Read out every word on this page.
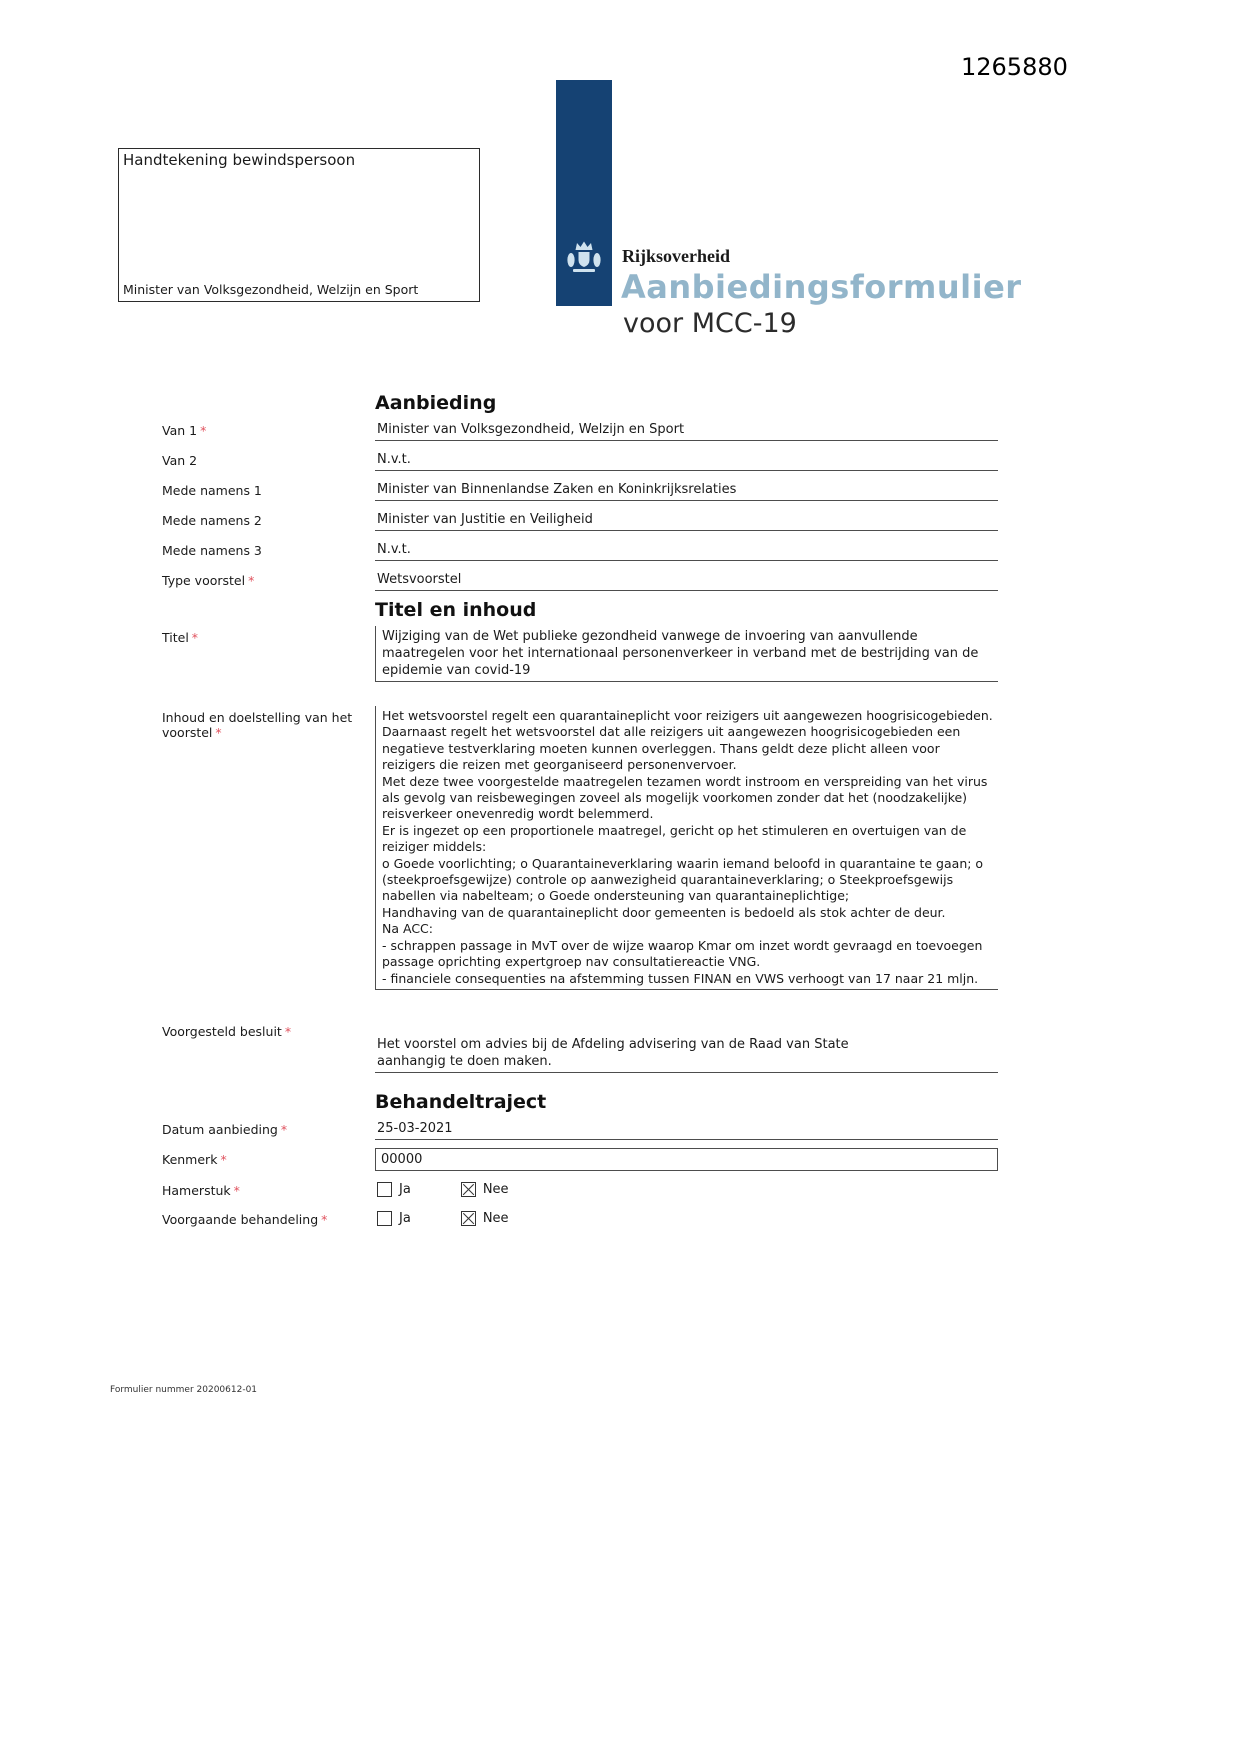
1265880
Handtekening bewindspersoon
Minister van Volksgezondheid, Welzijn en Sport
Rijksoverheid
Aanbiedingsformulier
voor MCC-19
Aanbieding
Van 1 *	Minister van Volksgezondheid, Welzijn en Sport
Van 2	N.v.t.
Mede namens 1	Minister van Binnenlandse Zaken en Koninkrijksrelaties
Mede namens 2	Minister van Justitie en Veiligheid
Mede namens 3	N.v.t.
Type voorstel *	Wetsvoorstel
Titel en inhoud
Titel *	Wijziging van de Wet publieke gezondheid vanwege de invoering van aanvullende maatregelen voor het internationaal personenverkeer in verband met de bestrijding van de epidemie van covid-19
Inhoud en doelstelling van het voorstel *
Het wetsvoorstel regelt een quarantaineplicht voor reizigers uit aangewezen hoogrisicogebieden. Daarnaast regelt het wetsvoorstel dat alle reizigers uit aangewezen hoogrisicogebieden een negatieve testverklaring moeten kunnen overleggen. Thans geldt deze plicht alleen voor reizigers die reizen met georganiseerd personenvervoer.
Met deze twee voorgestelde maatregelen tezamen wordt instroom en verspreiding van het virus als gevolg van reisbewegingen zoveel als mogelijk voorkomen zonder dat het (noodzakelijke) reisverkeer onevenredig wordt belemmerd.
Er is ingezet op een proportionele maatregel, gericht op het stimuleren en overtuigen van de reiziger middels:
o Goede voorlichting; o Quarantaineverklaring waarin iemand beloofd in quarantaine te gaan; o (steekproefsgewijze) controle op aanwezigheid quarantaineverklaring; o Steekproefsgewijs nabellen via nabelteam; o Goede ondersteuning van quarantaineplichtige;
Handhaving van de quarantaineplicht door gemeenten is bedoeld als stok achter de deur.
Na ACC:
- schrappen passage in MvT over de wijze waarop Kmar om inzet wordt gevraagd en toevoegen passage oprichting expertgroep nav consultatiereactie VNG.
- financiele consequenties na afstemming tussen FINAN en VWS verhoogt van 17 naar 21 mljn.
Voorgesteld besluit *
Het voorstel om advies bij de Afdeling advisering van de Raad van State
aanhangig te doen maken.
Behandeltraject
Datum aanbieding *	25-03-2021
Kenmerk *	00000
Hamerstuk *	Ja	Nee
Voorgaande behandeling *	Ja	Nee
Formulier nummer 20200612-01
